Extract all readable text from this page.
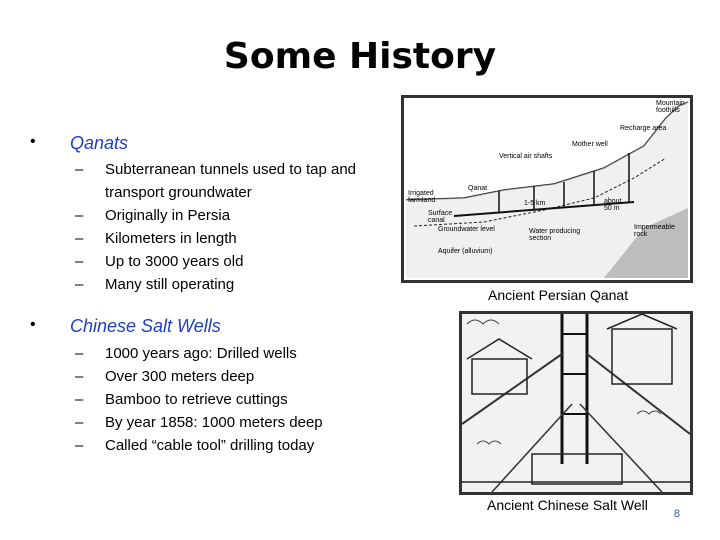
Some History
• Qanats
– Subterranean tunnels used to tap and transport groundwater
– Originally in Persia
– Kilometers in length
– Up to 3000 years old
– Many still operating
• Chinese Salt Wells
– 1000 years ago: Drilled wells
– Over 300 meters deep
– Bamboo to retrieve cuttings
– By year 1858: 1000 meters deep
– Called “cable tool” drilling today
Mountain foothills
Recharge area
Mother well
Vertical air shafts
Qanat
Irrigated farmland
Surface canal
1-5 km	about 50 m
Groundwater level	Water producing section
Aquifer (alluvium)
Impermeable rock
Ancient Persian Qanat
Ancient Chinese Salt Well
8
